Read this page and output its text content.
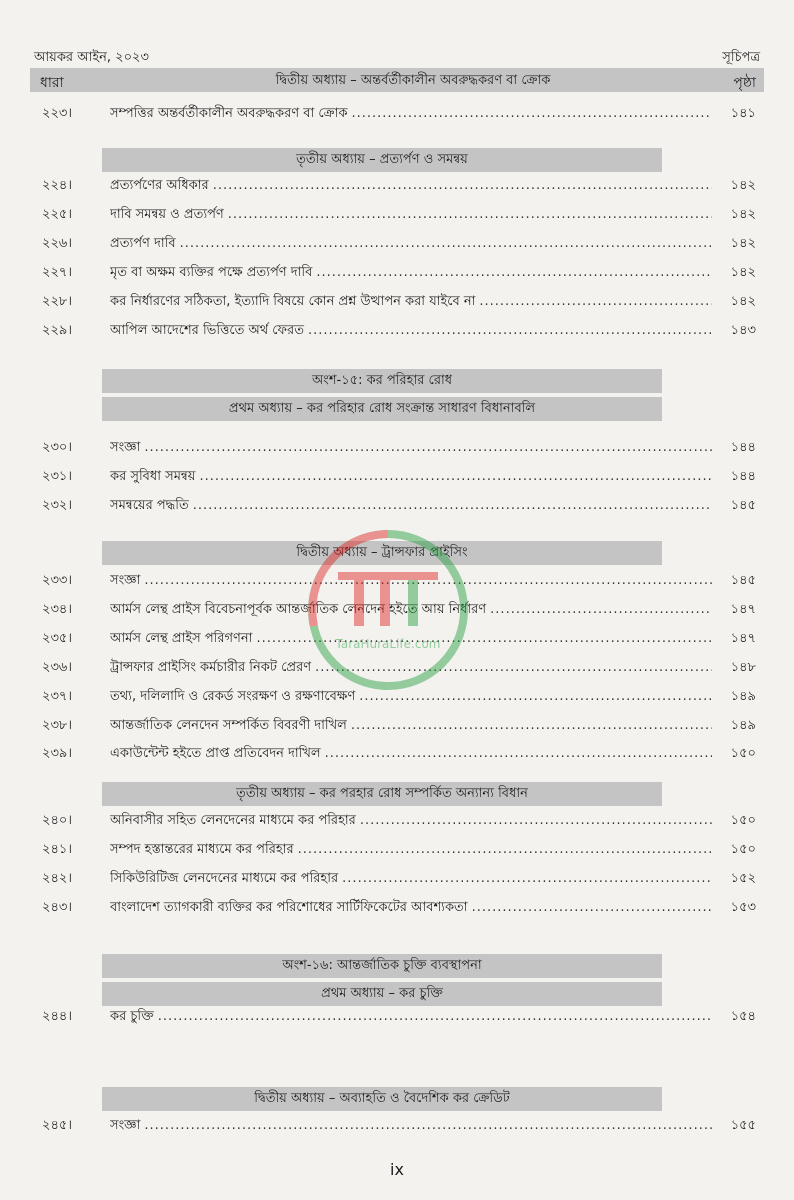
আয়কর আইন, ২০২৩	সূচিপত্র
ধারা	দ্বিতীয় অধ্যায় – অন্তর্বর্তীকালীন অবরুদ্ধকরণ বা ক্রোক	পৃষ্ঠা
২২৩।	সম্পত্তির অন্তর্বর্তীকালীন অবরুদ্ধকরণ বা ক্রোক .....	১৪১
তৃতীয় অধ্যায় – প্রত্যর্পণ ও সমন্বয়
২২৪।	প্রত্যর্পণের অধিকার .....	১৪২
২২৫।	দাবি সমন্বয় ও প্রত্যর্পণ .....	১৪২
২২৬।	প্রত্যর্পণ দাবি .....	১৪২
২২৭।	মৃত বা অক্ষম ব্যক্তির পক্ষে প্রত্যর্পণ দাবি .....	১৪২
২২৮।	কর নির্ধারণের সঠিকতা, ইত্যাদি বিষয়ে কোন প্রশ্ন উত্থাপন করা যাইবে না .....	১৪২
২২৯।	আপিল আদেশের ভিত্তিতে অর্থ ফেরত .....	১৪৩
অংশ-১৫: কর পরিহার রোধ
প্রথম অধ্যায় – কর পরিহার রোধ সংক্রান্ত সাধারণ বিধানাবলি
২৩০।	সংজ্ঞা .....	১৪৪
২৩১।	কর সুবিধা সমন্বয় .....	১৪৪
২৩২।	সমন্বয়ের পদ্ধতি .....	১৪৫
দ্বিতীয় অধ্যায় – ট্রান্সফার প্রাইসিং
২৩৩।	সংজ্ঞা .....	১৪৫
২৩৪।	আর্মস লেন্থ প্রাইস বিবেচনাপূর্বক আন্তর্জাতিক লেনদেন হইতে আয় নির্ধারণ .....	১৪৭
২৩৫।	আর্মস লেন্থ প্রাইস পরিগণনা .....	১৪৭
২৩৬।	ট্রান্সফার প্রাইসিং কর্মচারীর নিকট প্রেরণ .....	১৪৮
২৩৭।	তথ্য, দলিলাদি ও রেকর্ড সংরক্ষণ ও রক্ষণাবেক্ষণ .....	১৪৯
২৩৮।	আন্তর্জাতিক লেনদেন সম্পর্কিত বিবরণী দাখিল .....	১৪৯
২৩৯।	একাউন্টেন্ট হইতে প্রাপ্ত প্রতিবেদন দাখিল .....	১৫০
তৃতীয় অধ্যায় – কর পরহার রোধ সম্পর্কিত অন্যান্য বিধান
২৪০।	অনিবাসীর সহিত লেনদেনের মাধ্যমে কর পরিহার .....	১৫০
২৪১।	সম্পদ হস্তান্তরের মাধ্যমে কর পরিহার .....	১৫০
২৪২।	সিকিউরিটিজ লেনদেনের মাধ্যমে কর পরিহার .....	১৫২
২৪৩।	বাংলাদেশ ত্যাগকারী ব্যক্তির কর পরিশোধের সার্টিফিকেটের আবশ্যকতা .....	১৫৩
অংশ-১৬: আন্তর্জাতিক চুক্তি ব্যবস্থাপনা
প্রথম অধ্যায় – কর চুক্তি
২৪৪।	কর চুক্তি .....	১৫৪
দ্বিতীয় অধ্যায় – অব্যাহতি ও বৈদেশিক কর ক্রেডিট
২৪৫।	সংজ্ঞা .....	১৫৫
TaraHuraLife.com
ix
